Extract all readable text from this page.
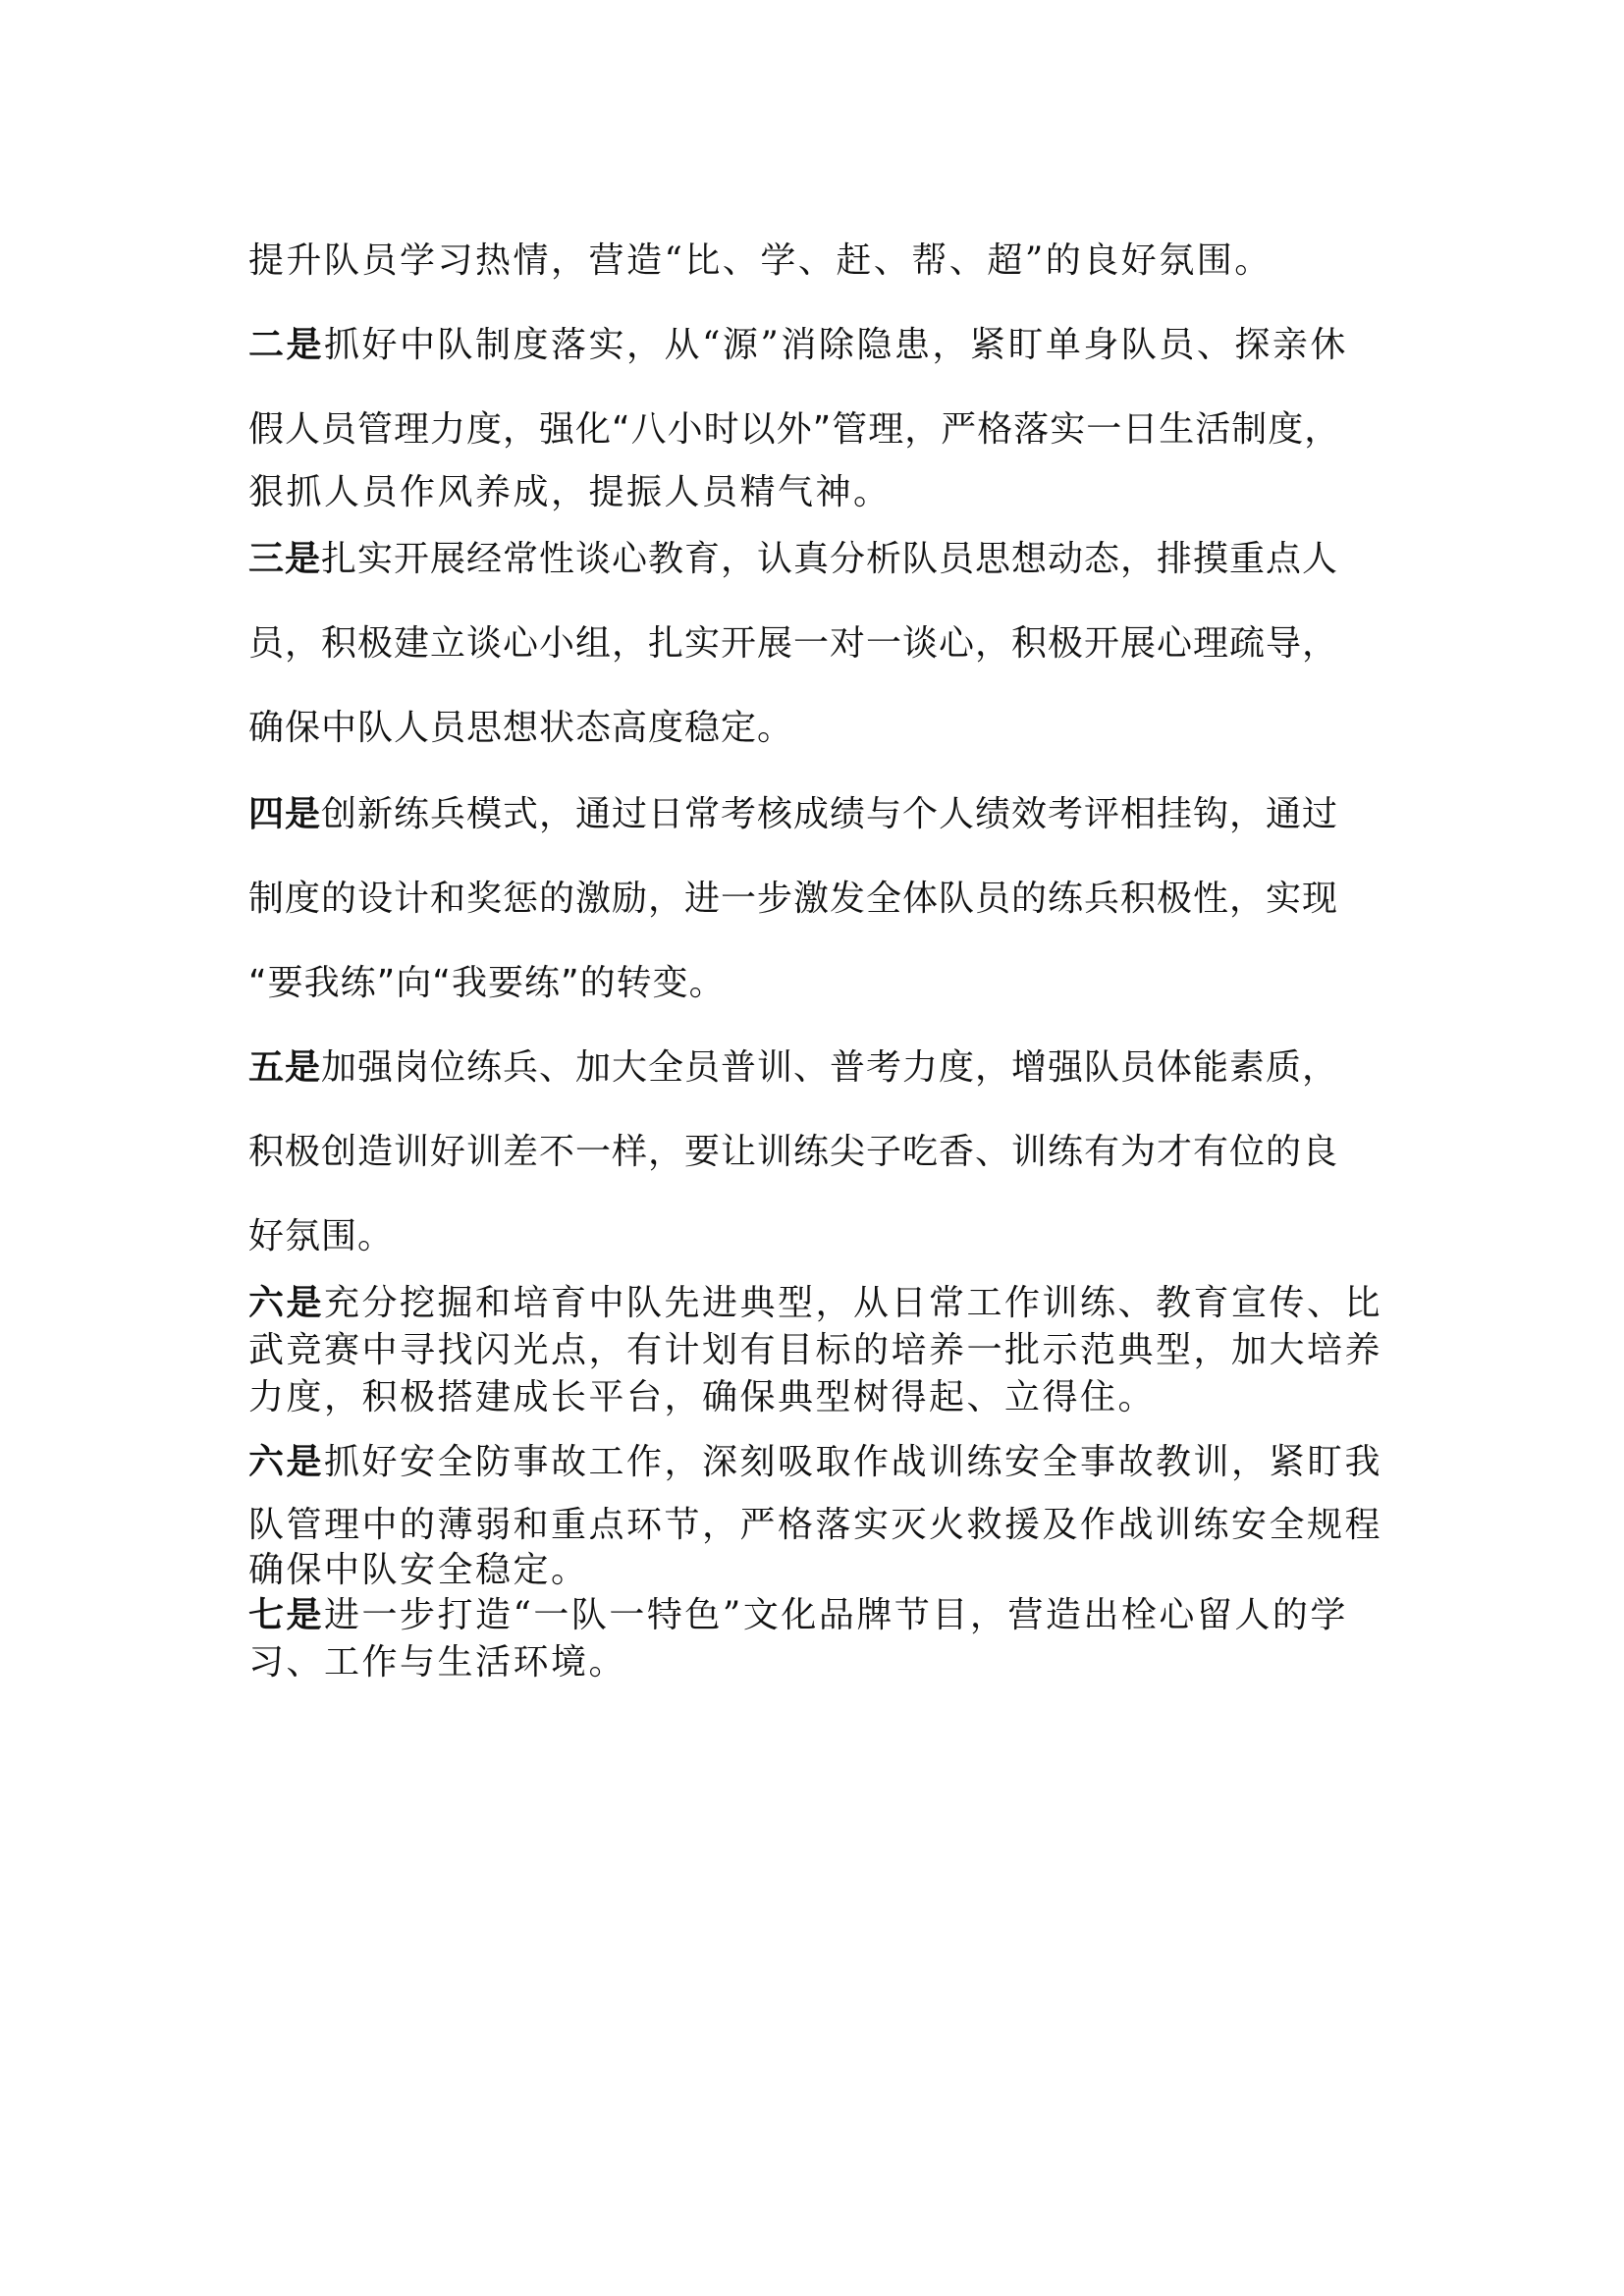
提升队员学习热情，营造“比、学、赶、帮、超”的良好氛围。
二是抓好中队制度落实，从“源”消除隐患，紧盯单身队员、探亲休
假人员管理力度，强化“八小时以外”管理，严格落实一日生活制度，
狠抓人员作风养成，提振人员精气神。
三是扎实开展经常性谈心教育，认真分析队员思想动态，排摸重点人
员，积极建立谈心小组，扎实开展一对一谈心，积极开展心理疏导，
确保中队人员思想状态高度稳定。
四是创新练兵模式，通过日常考核成绩与个人绩效考评相挂钩，通过
制度的设计和奖惩的激励，进一步激发全体队员的练兵积极性，实现
“要我练”向“我要练”的转变。
五是加强岗位练兵、加大全员普训、普考力度，增强队员体能素质，
积极创造训好训差不一样，要让训练尖子吃香、训练有为才有位的良
好氛围。
六是充分挖掘和培育中队先进典型，从日常工作训练、教育宣传、比
武竞赛中寻找闪光点，有计划有目标的培养一批示范典型，加大培养
力度，积极搭建成长平台，确保典型树得起、立得住。
六是抓好安全防事故工作，深刻吸取作战训练安全事故教训，紧盯我
队管理中的薄弱和重点环节，严格落实灭火救援及作战训练安全规程
确保中队安全稳定。
七是进一步打造“一队一特色”文化品牌节目，营造出栓心留人的学
习、工作与生活环境。
